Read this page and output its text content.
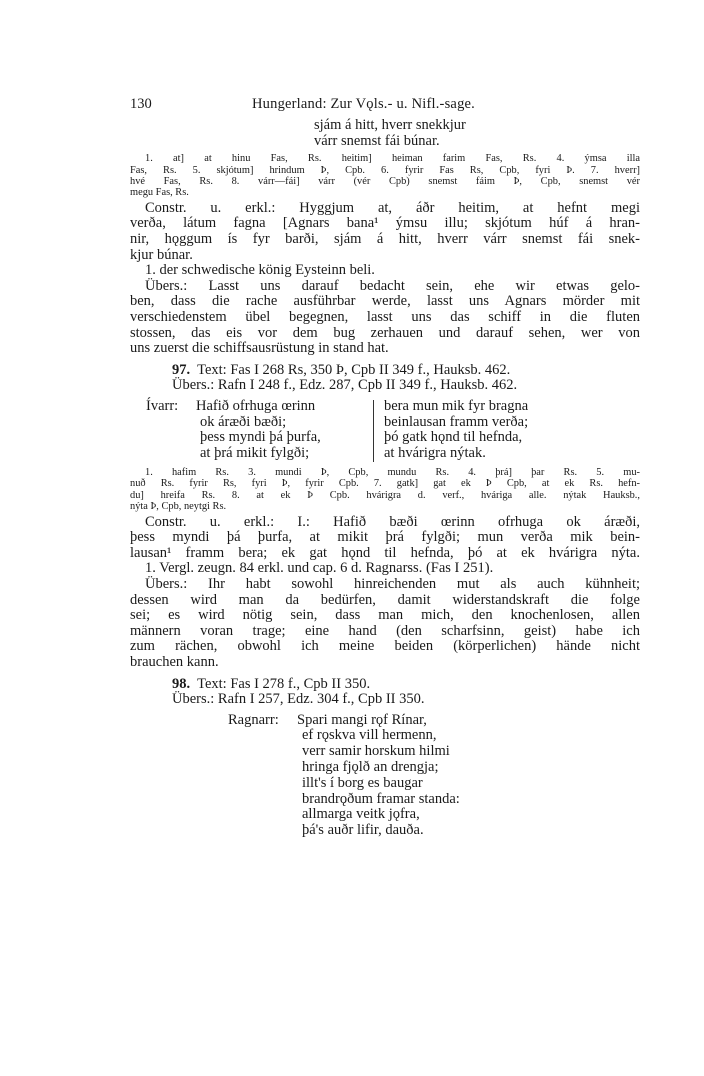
130	Hungerland: Zur Vǫls.- u. Nifl.-sage.
sjám á hitt, hverr snekkjur
várr snemst fái búnar.
1. at] at hinu Fas, Rs. heitim] heiman farim Fas, Rs. 4. ýmsa illa
Fas, Rs. 5. skjótum] hrindum Þ, Cpb. 6. fyrir Fas Rs, Cpb, fyri Þ. 7. hverr]
hvé Fas, Rs. 8. várr—fái] várr (vér Cpb) snemst fáim Þ, Cpb, snemst vér
megu Fas, Rs.
Constr. u. erkl.: Hyggjum at, áðr heitim, at hefnt megi
verða, látum fagna [Agnars bana¹ ýmsu illu; skjótum húf á hran-
nir, hǫggum ís fyr barði, sjám á hitt, hverr várr snemst fái snek-
kjur búnar.
1. der schwedische könig Eysteinn beli.
Übers.: Lasst uns darauf bedacht sein, ehe wir etwas gelo-
ben, dass die rache ausführbar werde, lasst uns Agnars mörder mit
verschiedenstem übel begegnen, lasst uns das schiff in die fluten
stossen, das eis vor dem bug zerhauen und darauf sehen, wer von
uns zuerst die schiffsausrüstung in stand hat.
97. Text: Fas I 268 Rs, 350 Þ, Cpb II 349 f., Hauksb. 462.
Übers.: Rafn I 248 f., Edz. 287, Cpb II 349 f., Hauksb. 462.
Ívarr: Hafið ofrhuga œrinn
ok áræði bæði;
þess myndi þá þurfa,
at þrá mikit fylgði;
bera mun mik fyr bragna
beinlausan framm verða;
þó gatk hǫnd til hefnda,
at hvárigra nýtak.
1. hafim Rs. 3. mundi Þ, Cpb, mundu Rs. 4. þrá] þar Rs. 5. mu-
nuð Rs. fyrir Rs, fyri Þ, fyrir Cpb. 7. gatk] gat ek Þ Cpb, at ek Rs. hefn-
du] hreifa Rs. 8. at ek Þ Cpb. hvárigra d. verf., hváriga alle. nýtak Hauksb.,
nýta Þ, Cpb, neytgi Rs.
Constr. u. erkl.: I.: Hafið bæði œrinn ofrhuga ok áræði,
þess myndi þá þurfa, at mikit þrá fylgði; mun verða mik bein-
lausan¹ framm bera; ek gat hǫnd til hefnda, þó at ek hvárigra nýta.
1. Vergl. zeugn. 84 erkl. und cap. 6 d. Ragnarss. (Fas I 251).
Übers.: Ihr habt sowohl hinreichenden mut als auch kühnheit;
dessen wird man da bedürfen, damit widerstandskraft die folge
sei; es wird nötig sein, dass man mich, den knochenlosen, allen
männern voran trage; eine hand (den scharfsinn, geist) habe ich
zum rächen, obwohl ich meine beiden (körperlichen) hände nicht
brauchen kann.
98. Text: Fas I 278 f., Cpb II 350.
Übers.: Rafn I 257, Edz. 304 f., Cpb II 350.
Ragnarr: Spari mangi rǫf Rínar,
ef rǫskva vill hermenn,
verr samir horskum hilmi
hringa fjǫlð an drengja;
illt's í borg es baugar
brandrǫðum framar standa:
allmarga veitk jǫfra,
þá's auðr lifir, dauða.
